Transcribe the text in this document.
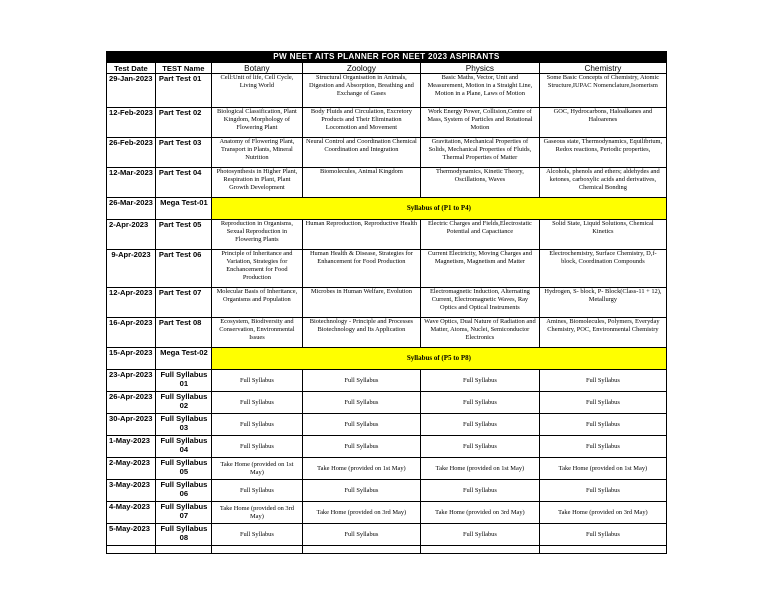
PW NEET AITS PLANNER FOR NEET 2023 ASPIRANTS					
Test Date	TEST Name	Botany	Zoology	Physics	Chemistry
29-Jan-2023	Part Test 01	Cell:Unit of life, Cell Cycle, Living World	Structural Organisation in Animals, Digestion and Absorption, Breathing and Exchange of Gases	Basic Maths, Vector, Unit and Measurement, Motion in a Straight Line, Motion in a Plane, Laws of Motion	Some Basic Concepts of Chemistry, Atomic Structure,IUPAC Nomenclature,Isomerism
12-Feb-2023	Part Test 02	Biological Classification, Plant Kingdom, Morphology of Flowering Plant	Body Fluids and Circulation, Excretory Products and Their Elimination Locomotion and Movement	Work Energy Power, Collision,Centre of Mass, System of Particles and Rotational Motion	GOC, Hydrocarbons, Haloalkanes and Haloarenes
26-Feb-2023	Part Test 03	Anatomy of Flowering Plant, Transport in Plants, Mineral Nutrition	Neural Control and Coordination Chemical Coordination and Integration	Gravitation, Mechanical Properties of Solids, Mechanical Properties of Fluids, Thermal Properties of Matter	Gaseous state, Thermodynamics, Equilibrium, Redox reactions, Periodic properties,
12-Mar-2023	Part Test 04	Photosynthesis in Higher Plant, Respiration in Plant, Plant Growth Development	Biomolecules, Animal Kingdom	Thermodynamics, Kinetic Theory, Oscillations, Waves	Alcohols, phenols and ethers; aldehydes and ketones, carboxylic acids and derivatives, Chemical Bonding
26-Mar-2023	Mega Test-01	Syllabus of (P1 to P4)			
2-Apr-2023	Part Test 05	Reproduction in Organisms, Sexual Reproduction in Flowering Plants	Human Reproduction, Reproductive Health	Electric Charges and Fields,Electrostatic Potential and Capacitance	Solid State, Liquid Solutions, Chemical Kinetics
9-Apr-2023	Part Test 06	Principle of Inheritance and Variation, Strategies for Enchancement for Food Production	Human Health & Disease, Strategies for Enhancement for Food Production	Current Electricity, Moving Charges and Magnetism, Magnetism and Matter	Electrochemistry, Surface Chemistry, D,f- block, Coordination Compounds
12-Apr-2023	Part Test 07	Molecular Basis of Inheritance, Organisms and Population	Microbes in Human Welfare, Evolution	Electromagnetic Induction, Alternating Current, Electromagnetic Waves, Ray Optics and Optical Instruments	Hydrogen, S- block, P- Block(Class-11 + 12), Metallurgy
16-Apr-2023	Part Test 08	Ecosystem, Biodiversity and Conservation, Environmental Issues	Biotechnology - Principle and Processes Biotechnology and Its Application	Wave Optics, Dual Nature of Radiation and Matter, Atoms, Nuclei, Semiconductor Electronics	Amines, Biomolecules, Polymers, Everyday Chemistry, POC, Environmental Chemistry
15-Apr-2023	Mega Test-02	Syllabus of (P5 to P8)			
23-Apr-2023	Full Syllabus 01	Full Syllabus	Full Syllabus	Full Syllabus	Full Syllabus
26-Apr-2023	Full Syllabus 02	Full Syllabus	Full Syllabus	Full Syllabus	Full Syllabus
30-Apr-2023	Full Syllabus 03	Full Syllabus	Full Syllabus	Full Syllabus	Full Syllabus
1-May-2023	Full Syllabus 04	Full Syllabus	Full Syllabus	Full Syllabus	Full Syllabus
2-May-2023	Full Syllabus 05	Take Home (provided on 1st May)	Take Home (provided on 1st May)	Take Home (provided on 1st May)	Take Home (provided on 1st May)
3-May-2023	Full Syllabus 06	Full Syllabus	Full Syllabus	Full Syllabus	Full Syllabus
4-May-2023	Full Syllabus 07	Take Home (provided on 3rd May)	Take Home (provided on 3rd May)	Take Home (provided on 3rd May)	Take Home (provided on 3rd May)
5-May-2023	Full Syllabus 08	Full Syllabus	Full Syllabus	Full Syllabus	Full Syllabus
